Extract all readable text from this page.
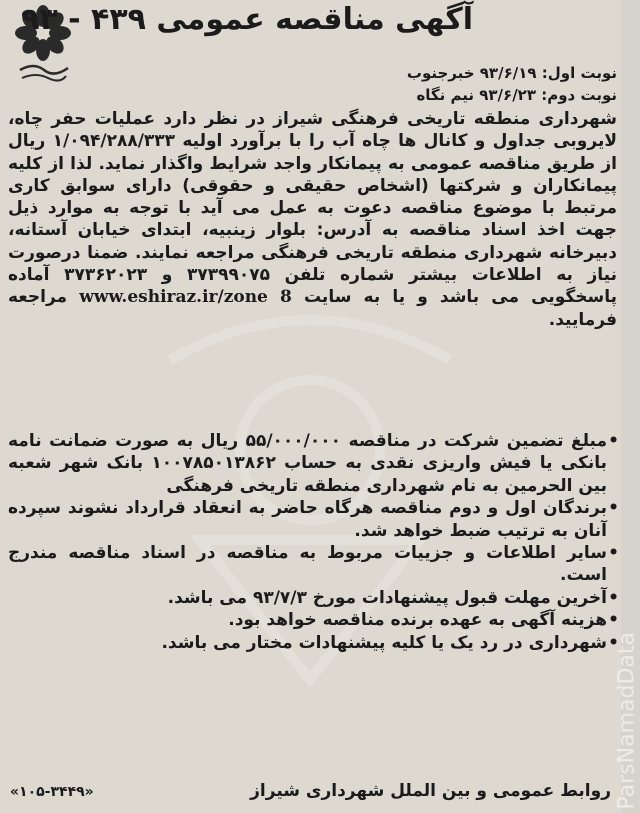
آگهی مناقصه عمومی ۴۳۹ - ۹۳
نوبت اول: ۹۳/۶/۱۹ خبرجنوب
نوبت دوم: ۹۳/۶/۲۳ نیم نگاه

شهرداری منطقه تاریخی فرهنگی شیراز در نظر دارد عملیات حفر چاه، لایروبی جداول و کانال ها چاه آب را با برآورد اولیه ۱/۰۹۴/۲۸۸/۳۳۳ ریال از طریق مناقصه عمومی به پیمانکار واجد شرایط واگذار نماید. لذا از کلیه پیمانکاران و شرکتها (اشخاص حقیقی و حقوقی) دارای سوابق کاری مرتبط با موضوع مناقصه دعوت به عمل می آید با توجه به موارد ذیل جهت اخذ اسناد مناقصه به آدرس: بلوار زینبیه، ابتدای خیابان آستانه، دبیرخانه شهرداری منطقه تاریخی فرهنگی مراجعه نمایند. ضمنا درصورت نیاز به اطلاعات بیشتر شماره تلفن ۳۷۳۹۹۰۷۵ و ۳۷۳۶۲۰۲۳ آماده پاسخگویی می باشد و یا به سایت www.eshiraz.ir/zone 8 مراجعه فرمایید.

• مبلغ تضمین شرکت در مناقصه ۵۵/۰۰۰/۰۰۰ ریال به صورت ضمانت نامه بانکی یا فیش واریزی نقدی به حساب ۱۰۰۷۸۵۰۱۳۸۶۲ بانک شهر شعبه بین الحرمین به نام شهرداری منطقه تاریخی فرهنگی
• برندگان اول و دوم مناقصه هرگاه حاضر به انعقاد قرارداد نشوند سپرده آنان به ترتیب ضبط خواهد شد.
• سایر اطلاعات و جزییات مربوط به مناقصه در اسناد مناقصه مندرج است.
• آخرین مهلت قبول پیشنهادات مورخ ۹۳/۷/۳ می باشد.
• هزینه آگهی به عهده برنده مناقصه خواهد بود.
• شهرداری در رد یک یا کلیه پیشنهادات مختار می باشد.
روابط عمومی و بین الملل شهرداری شیراز
«۱۰۵-۳۴۴۹»	ParsNamadData
